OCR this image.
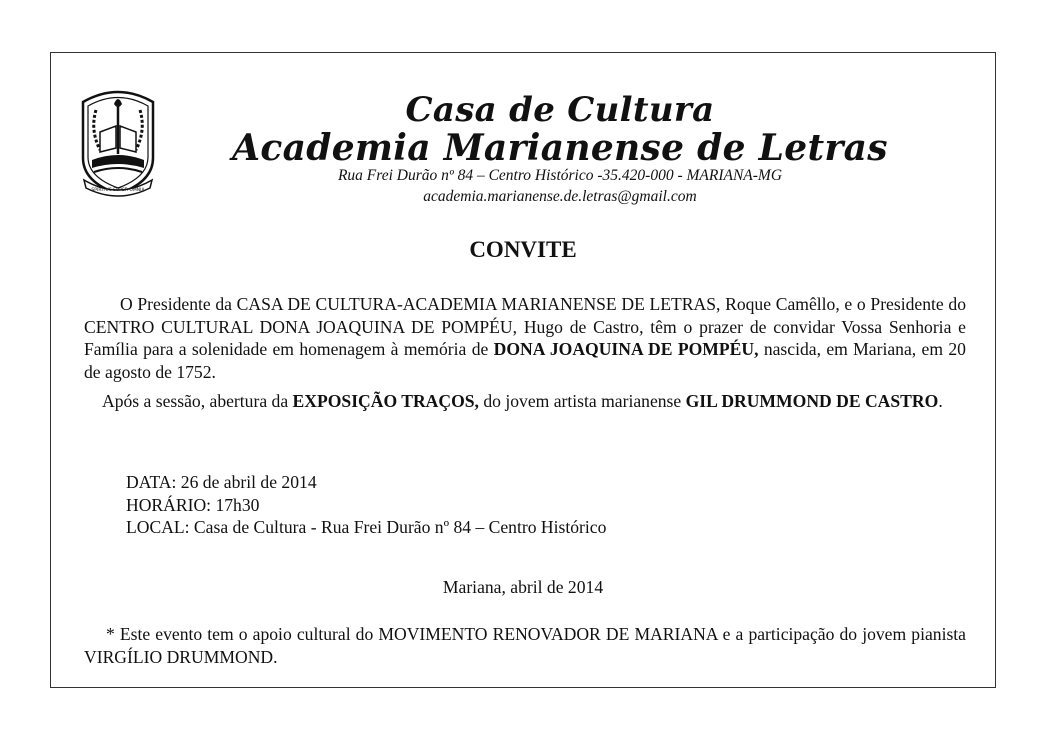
SPIRITUS SUPER OMNIA
Casa de Cultura
Academia Marianense de Letras
Rua Frei Durão nº 84 – Centro Histórico -35.420-000 - MARIANA-MG
academia.marianense.de.letras@gmail.com
CONVITE
O Presidente da CASA DE CULTURA-ACADEMIA MARIANENSE DE LETRAS, Roque Camêllo, e o Presidente do CENTRO CULTURAL DONA JOAQUINA DE POMPÉU, Hugo de Castro, têm o prazer de convidar Vossa Senhoria e Família para a solenidade em homenagem à memória de DONA JOAQUINA DE POMPÉU, nascida, em Mariana, em 20 de agosto de 1752.
Após a sessão, abertura da EXPOSIÇÃO TRAÇOS, do jovem artista marianense GIL DRUMMOND DE CASTRO.
DATA: 26 de abril de 2014
HORÁRIO: 17h30
LOCAL: Casa de Cultura - Rua Frei Durão nº 84 – Centro Histórico
Mariana, abril de 2014
* Este evento tem o apoio cultural do MOVIMENTO RENOVADOR DE MARIANA e a participação do jovem pianista VIRGÍLIO DRUMMOND.
